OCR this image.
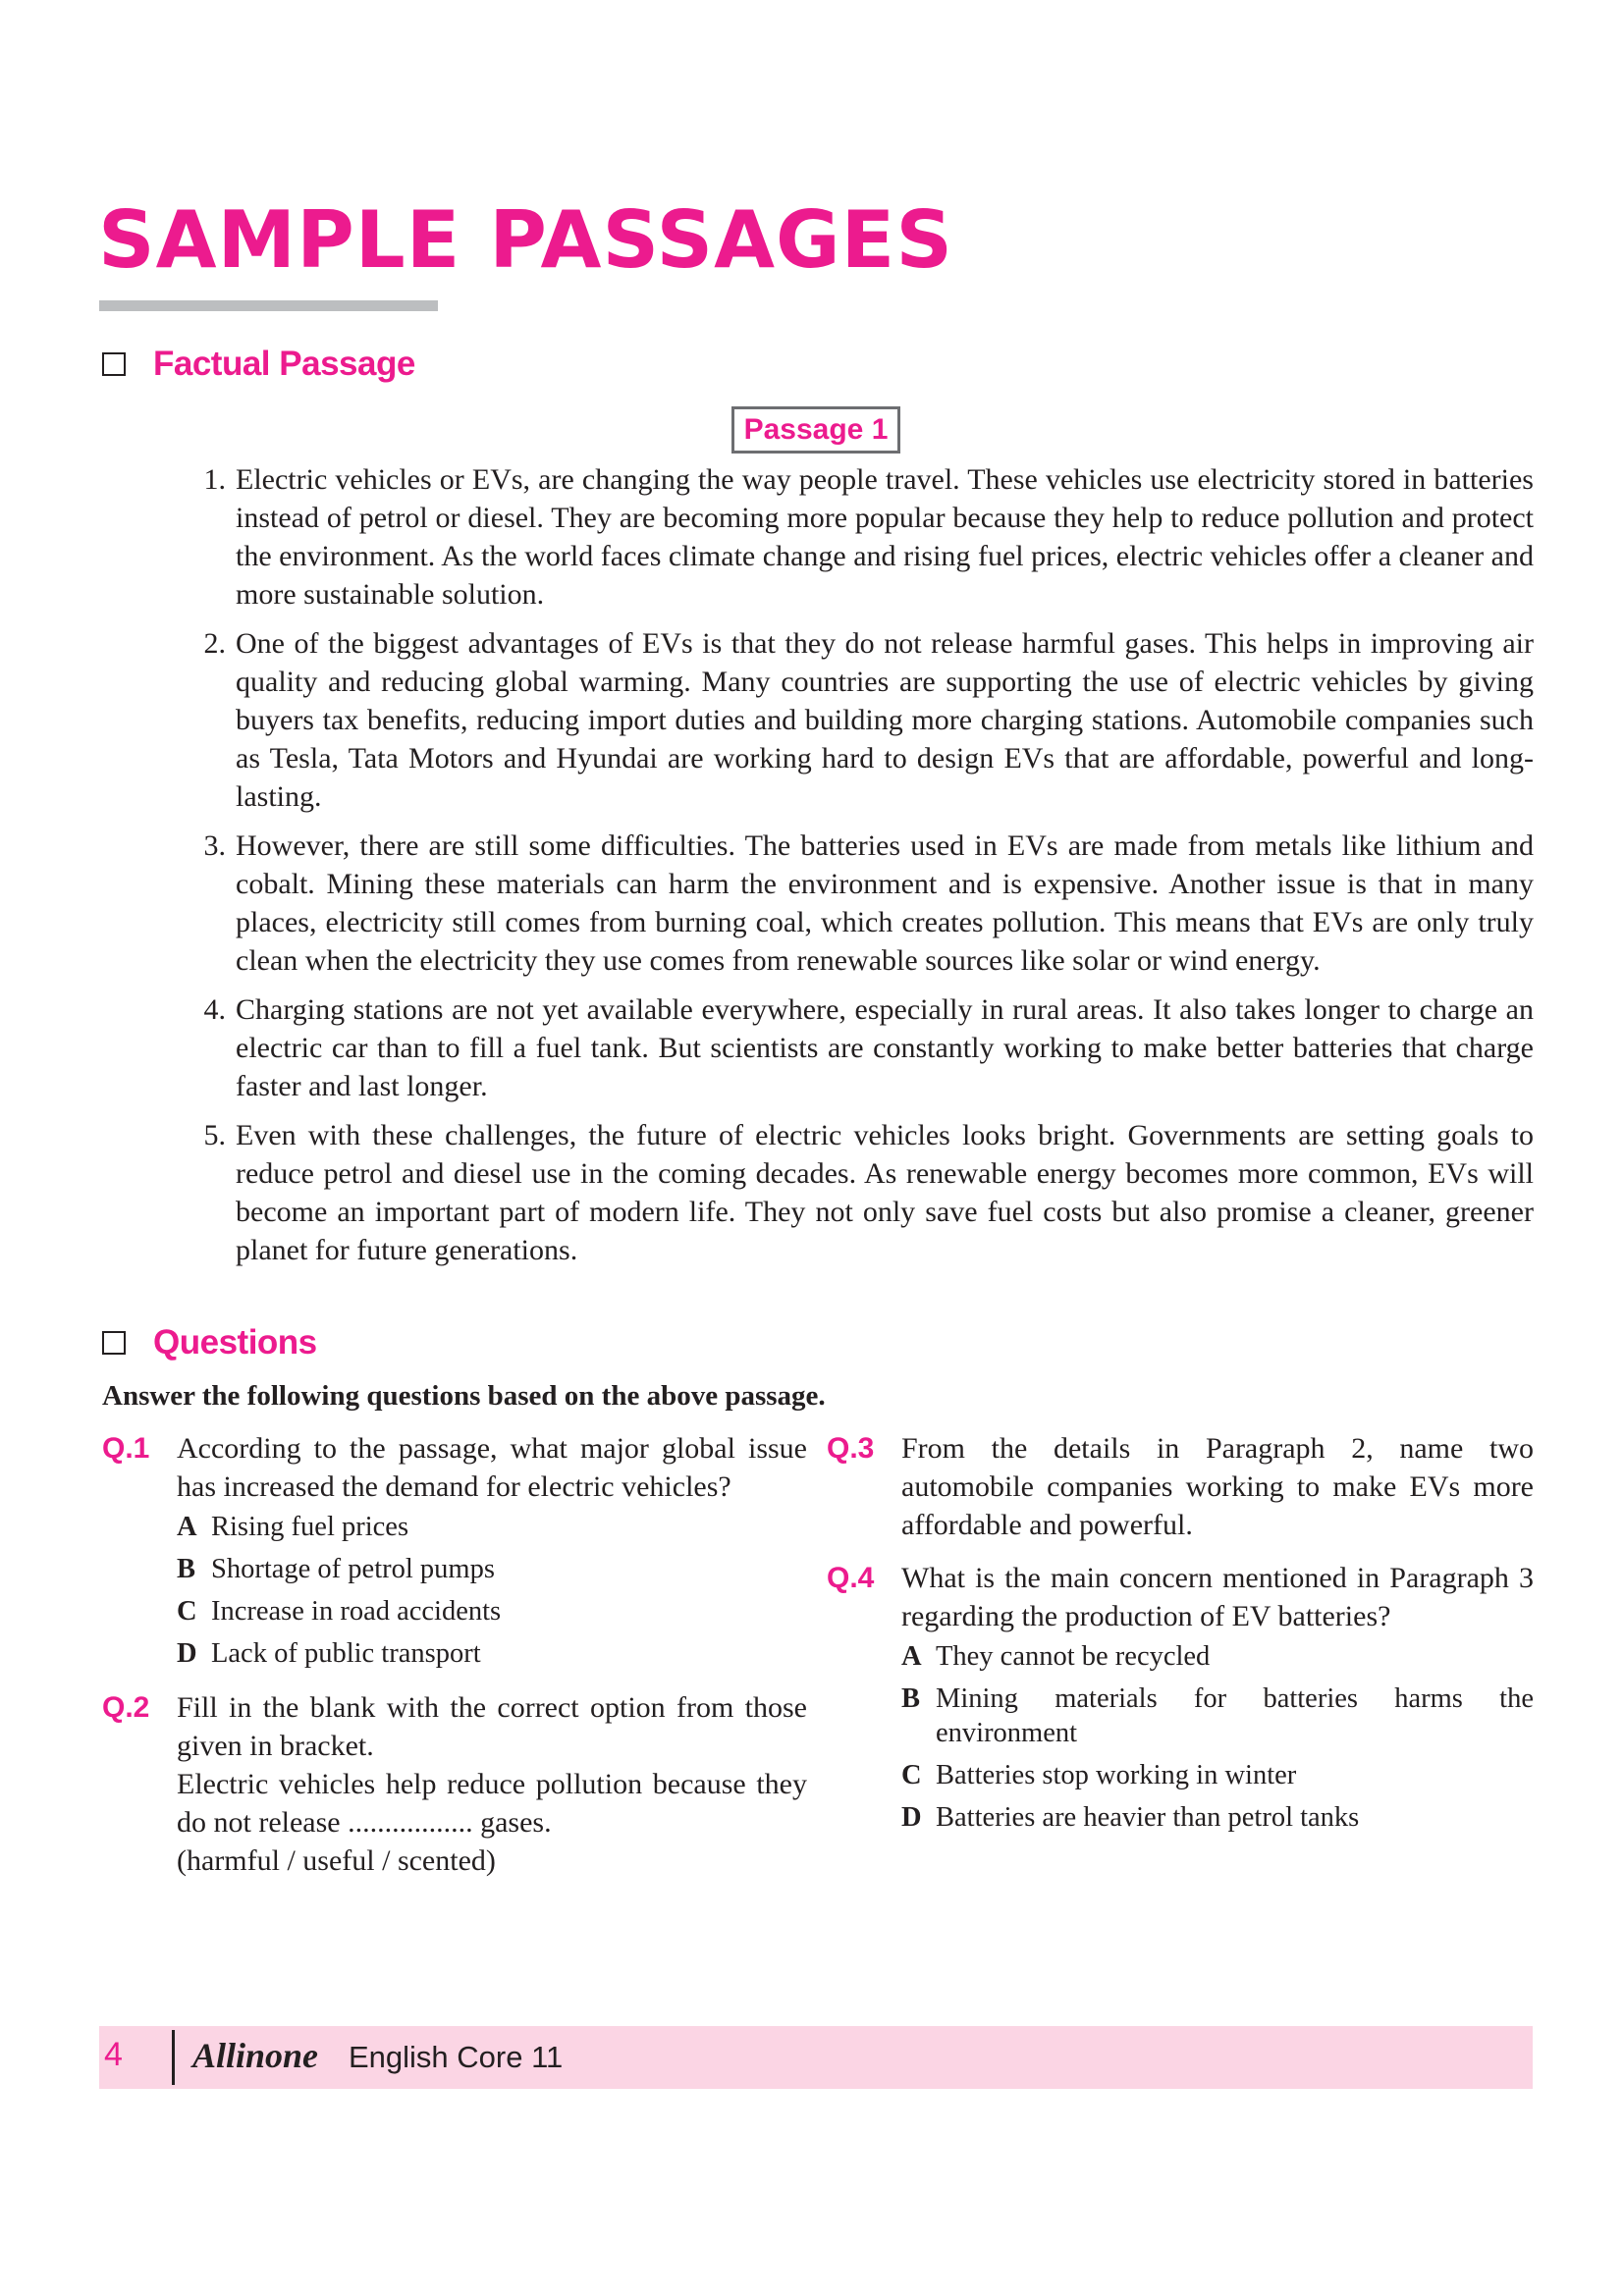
SAMPLE PASSAGES
Factual Passage
Passage 1
1. Electric vehicles or EVs, are changing the way people travel. These vehicles use electricity stored in batteries instead of petrol or diesel. They are becoming more popular because they help to reduce pollution and protect the environment. As the world faces climate change and rising fuel prices, electric vehicles offer a cleaner and more sustainable solution.
2. One of the biggest advantages of EVs is that they do not release harmful gases. This helps in improving air quality and reducing global warming. Many countries are supporting the use of electric vehicles by giving buyers tax benefits, reducing import duties and building more charging stations. Automobile companies such as Tesla, Tata Motors and Hyundai are working hard to design EVs that are affordable, powerful and long-lasting.
3. However, there are still some difficulties. The batteries used in EVs are made from metals like lithium and cobalt. Mining these materials can harm the environment and is expensive. Another issue is that in many places, electricity still comes from burning coal, which creates pollution. This means that EVs are only truly clean when the electricity they use comes from renewable sources like solar or wind energy.
4. Charging stations are not yet available everywhere, especially in rural areas. It also takes longer to charge an electric car than to fill a fuel tank. But scientists are constantly working to make better batteries that charge faster and last longer.
5. Even with these challenges, the future of electric vehicles looks bright. Governments are setting goals to reduce petrol and diesel use in the coming decades. As renewable energy becomes more common, EVs will become an important part of modern life. They not only save fuel costs but also promise a cleaner, greener planet for future generations.
Questions

Answer the following questions based on the above passage.

Q.1 According to the passage, what major global issue has increased the demand for electric vehicles?

A Rising fuel prices
B Shortage of petrol pumps
C Increase in road accidents
D Lack of public transport
Q.2 Fill in the blank with the correct option from those given in bracket.

Electric vehicles help reduce pollution because they do not release ................. gases.

(harmful / useful / scented)

Q.3 From the details in Paragraph 2, name two automobile companies working to make EVs more affordable and powerful.

Q.4 What is the main concern mentioned in Paragraph 3 regarding the production of EV batteries?

A They cannot be recycled
B Mining materials for batteries harms the environment
C Batteries stop working in winter
D Batteries are heavier than petrol tanks
4 Allinone English Core 11
